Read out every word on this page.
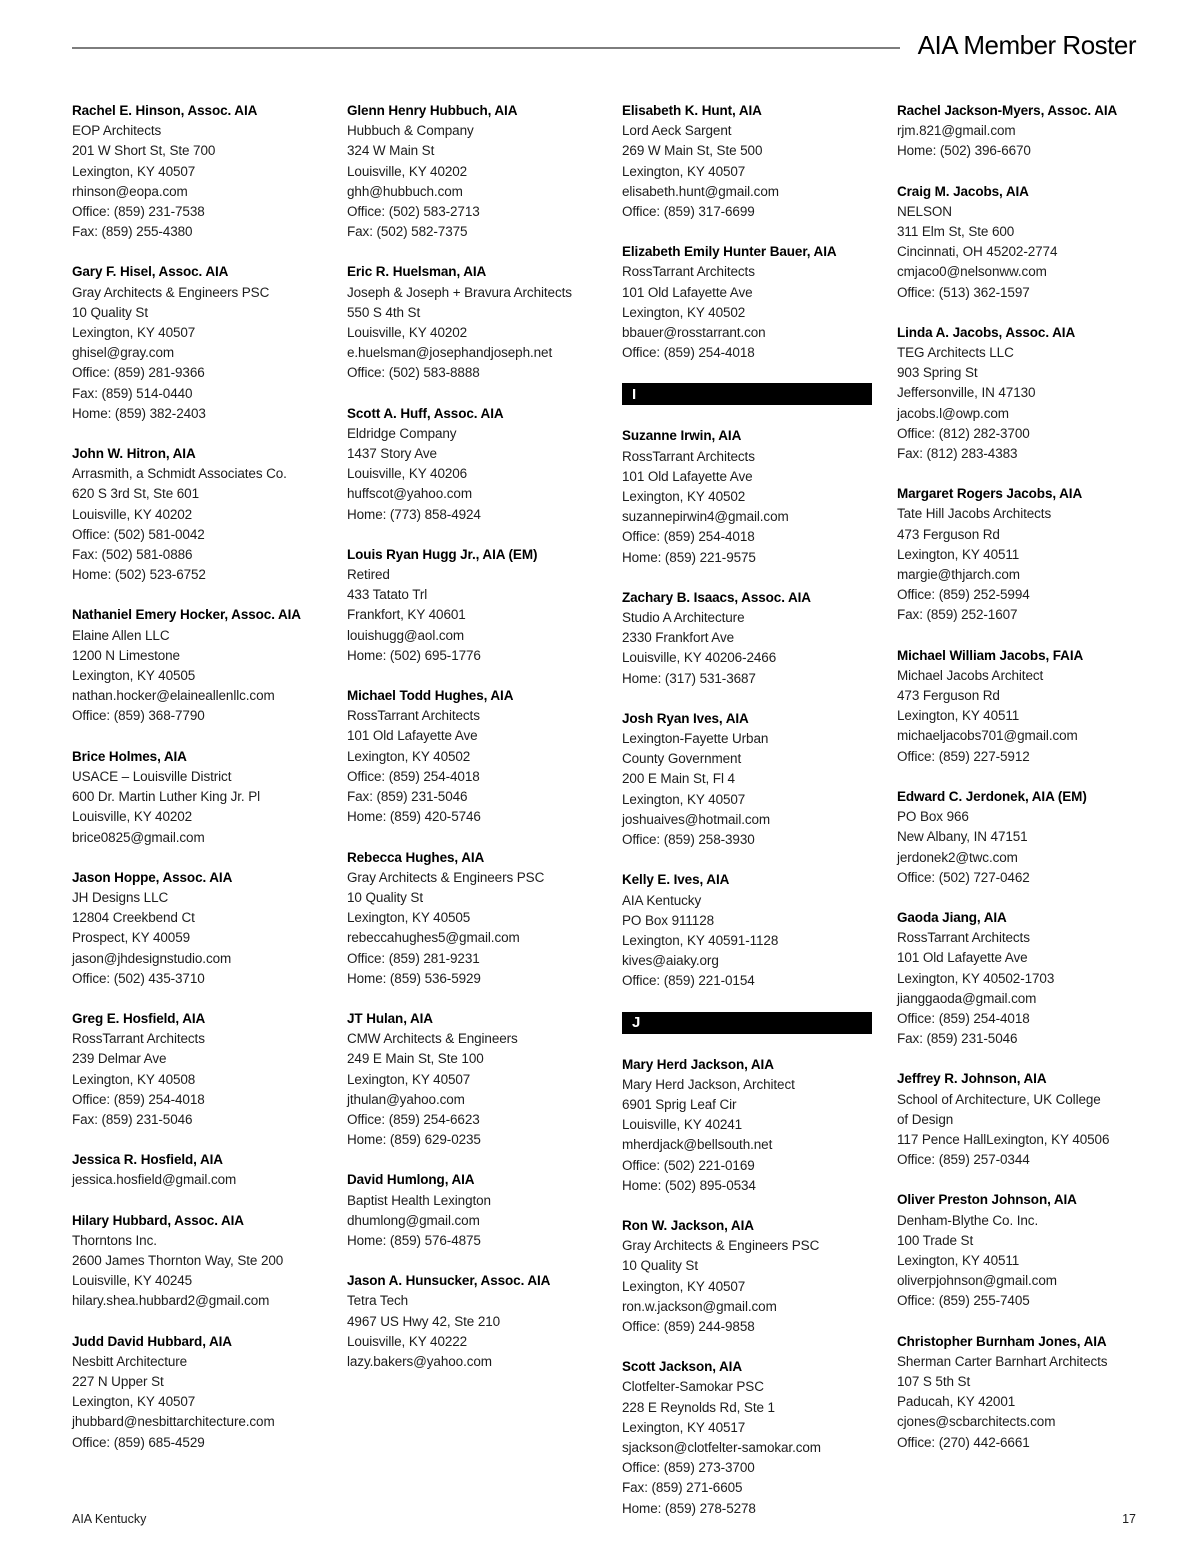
AIA Member Roster
Rachel E. Hinson, Assoc. AIA
EOP Architects
201 W Short St, Ste 700
Lexington, KY 40507
rhinson@eopa.com
Office: (859) 231-7538
Fax: (859) 255-4380
Gary F. Hisel, Assoc. AIA
Gray Architects & Engineers PSC
10 Quality St
Lexington, KY 40507
ghisel@gray.com
Office: (859) 281-9366
Fax: (859) 514-0440
Home: (859) 382-2403
John W. Hitron, AIA
Arrasmith, a Schmidt Associates Co.
620 S 3rd St, Ste 601
Louisville, KY 40202
Office: (502) 581-0042
Fax: (502) 581-0886
Home: (502) 523-6752
Nathaniel Emery Hocker, Assoc. AIA
Elaine Allen LLC
1200 N Limestone
Lexington, KY 40505
nathan.hocker@elaineallenllc.com
Office: (859) 368-7790
Brice Holmes, AIA
USACE – Louisville District
600 Dr. Martin Luther King Jr. Pl
Louisville, KY 40202
brice0825@gmail.com
Jason Hoppe, Assoc. AIA
JH Designs LLC
12804 Creekbend Ct
Prospect, KY 40059
jason@jhdesignstudio.com
Office: (502) 435-3710
Greg E. Hosfield, AIA
RossTarrant Architects
239 Delmar Ave
Lexington, KY 40508
Office: (859) 254-4018
Fax: (859) 231-5046
Jessica R. Hosfield, AIA
jessica.hosfield@gmail.com
Hilary Hubbard, Assoc. AIA
Thorntons Inc.
2600 James Thornton Way, Ste 200
Louisville, KY 40245
hilary.shea.hubbard2@gmail.com
Judd David Hubbard, AIA
Nesbitt Architecture
227 N Upper St
Lexington, KY 40507
jhubbard@nesbittarchitecture.com
Office: (859) 685-4529
Glenn Henry Hubbuch, AIA
Hubbuch & Company
324 W Main St
Louisville, KY 40202
ghh@hubbuch.com
Office: (502) 583-2713
Fax: (502) 582-7375
Eric R. Huelsman, AIA
Joseph & Joseph + Bravura Architects
550 S 4th St
Louisville, KY 40202
e.huelsman@josephandjoseph.net
Office: (502) 583-8888
Scott A. Huff, Assoc. AIA
Eldridge Company
1437 Story Ave
Louisville, KY 40206
huffscot@yahoo.com
Home: (773) 858-4924
Louis Ryan Hugg Jr., AIA (EM)
Retired
433 Tatato Trl
Frankfort, KY 40601
louishugg@aol.com
Home: (502) 695-1776
Michael Todd Hughes, AIA
RossTarrant Architects
101 Old Lafayette Ave
Lexington, KY 40502
Office: (859) 254-4018
Fax: (859) 231-5046
Home: (859) 420-5746
Rebecca Hughes, AIA
Gray Architects & Engineers PSC
10 Quality St
Lexington, KY 40505
rebeccahughes5@gmail.com
Office: (859) 281-9231
Home: (859) 536-5929
JT Hulan, AIA
CMW Architects & Engineers
249 E Main St, Ste 100
Lexington, KY 40507
jthulan@yahoo.com
Office: (859) 254-6623
Home: (859) 629-0235
David Humlong, AIA
Baptist Health Lexington
dhumlong@gmail.com
Home: (859) 576-4875
Jason A. Hunsucker, Assoc. AIA
Tetra Tech
4967 US Hwy 42, Ste 210
Louisville, KY 40222
lazy.bakers@yahoo.com
Elisabeth K. Hunt, AIA
Lord Aeck Sargent
269 W Main St, Ste 500
Lexington, KY 40507
elisabeth.hunt@gmail.com
Office: (859) 317-6699
Elizabeth Emily Hunter Bauer, AIA
RossTarrant Architects
101 Old Lafayette Ave
Lexington, KY 40502
bbauer@rosstarrant.con
Office: (859) 254-4018
I
Suzanne Irwin, AIA
RossTarrant Architects
101 Old Lafayette Ave
Lexington, KY 40502
suzannepirwin4@gmail.com
Office: (859) 254-4018
Home: (859) 221-9575
Zachary B. Isaacs, Assoc. AIA
Studio A Architecture
2330 Frankfort Ave
Louisville, KY 40206-2466
Home: (317) 531-3687
Josh Ryan Ives, AIA
Lexington-Fayette Urban
County Government
200 E Main St, Fl 4
Lexington, KY 40507
joshuaives@hotmail.com
Office: (859) 258-3930
Kelly E. Ives, AIA
AIA Kentucky
PO Box 911128
Lexington, KY 40591-1128
kives@aiaky.org
Office: (859) 221-0154
J
Mary Herd Jackson, AIA
Mary Herd Jackson, Architect
6901 Sprig Leaf Cir
Louisville, KY 40241
mherdjack@bellsouth.net
Office: (502) 221-0169
Home: (502) 895-0534
Ron W. Jackson, AIA
Gray Architects & Engineers PSC
10 Quality St
Lexington, KY 40507
ron.w.jackson@gmail.com
Office: (859) 244-9858
Scott Jackson, AIA
Clotfelter-Samokar PSC
228 E Reynolds Rd, Ste 1
Lexington, KY 40517
sjackson@clotfelter-samokar.com
Office: (859) 273-3700
Fax: (859) 271-6605
Home: (859) 278-5278
Rachel Jackson-Myers, Assoc. AIA
rjm.821@gmail.com
Home: (502) 396-6670
Craig M. Jacobs, AIA
NELSON
311 Elm St, Ste 600
Cincinnati, OH 45202-2774
cmjaco0@nelsonww.com
Office: (513) 362-1597
Linda A. Jacobs, Assoc. AIA
TEG Architects LLC
903 Spring St
Jeffersonville, IN 47130
jacobs.l@owp.com
Office: (812) 282-3700
Fax: (812) 283-4383
Margaret Rogers Jacobs, AIA
Tate Hill Jacobs Architects
473 Ferguson Rd
Lexington, KY 40511
margie@thjarch.com
Office: (859) 252-5994
Fax: (859) 252-1607
Michael William Jacobs, FAIA
Michael Jacobs Architect
473 Ferguson Rd
Lexington, KY 40511
michaeljacobs701@gmail.com
Office: (859) 227-5912
Edward C. Jerdonek, AIA (EM)
PO Box 966
New Albany, IN 47151
jerdonek2@twc.com
Office: (502) 727-0462
Gaoda Jiang, AIA
RossTarrant Architects
101 Old Lafayette Ave
Lexington, KY 40502-1703
jianggaoda@gmail.com
Office: (859) 254-4018
Fax: (859) 231-5046
Jeffrey R. Johnson, AIA
School of Architecture, UK College
of Design
117 Pence HallLexington, KY 40506
Office: (859) 257-0344
Oliver Preston Johnson, AIA
Denham-Blythe Co. Inc.
100 Trade St
Lexington, KY 40511
oliverpjohnson@gmail.com
Office: (859) 255-7405
Christopher Burnham Jones, AIA
Sherman Carter Barnhart Architects
107 S 5th St
Paducah, KY 42001
cjones@scbarchitects.com
Office: (270) 442-6661
AIA Kentucky	17
